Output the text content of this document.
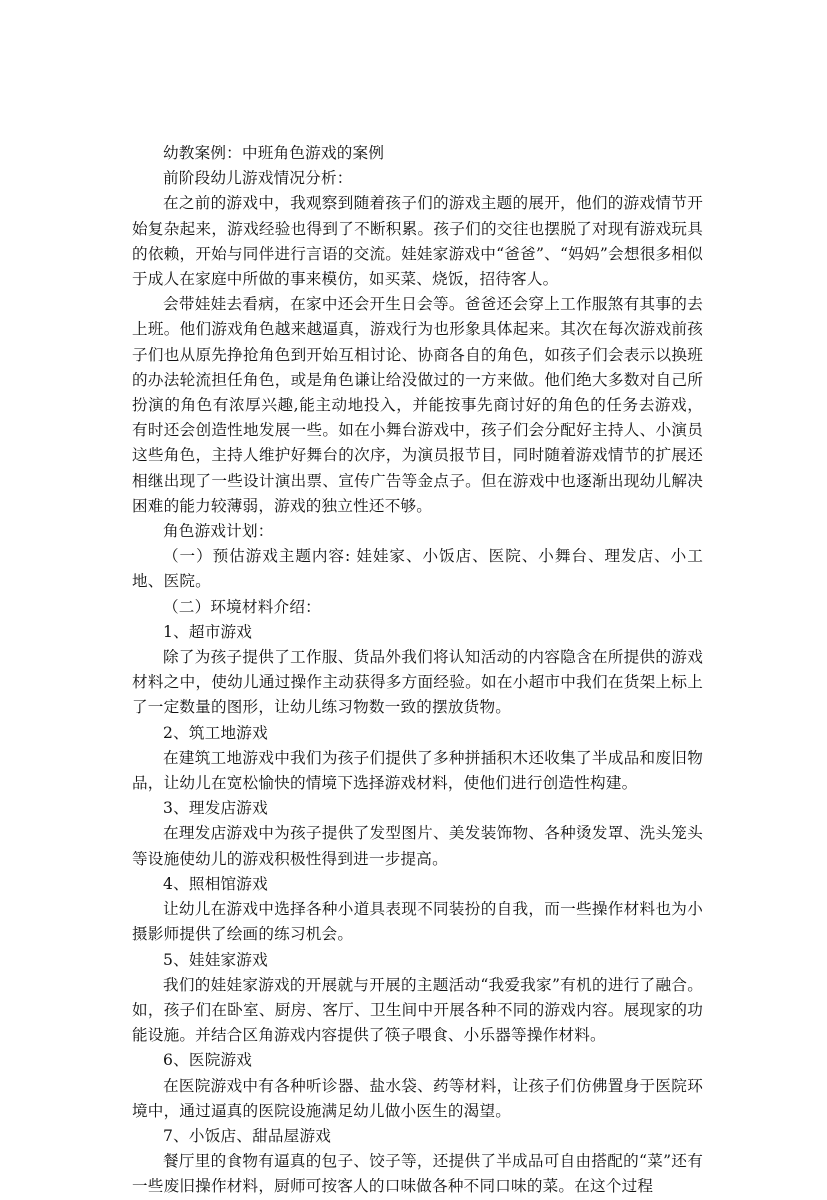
幼教案例：中班角色游戏的案例

前阶段幼儿游戏情况分析：

在之前的游戏中，我观察到随着孩子们的游戏主题的展开，他们的游戏情节开始复杂起来，游戏经验也得到了不断积累。孩子们的交往也摆脱了对现有游戏玩具的依赖，开始与同伴进行言语的交流。娃娃家游戏中“爸爸”、“妈妈”会想很多相似于成人在家庭中所做的事来模仿，如买菜、烧饭，招待客人。

会带娃娃去看病，在家中还会开生日会等。爸爸还会穿上工作服煞有其事的去上班。他们游戏角色越来越逼真，游戏行为也形象具体起来。其次在每次游戏前孩子们也从原先挣抢角色到开始互相讨论、协商各自的角色，如孩子们会表示以换班的办法轮流担任角色，或是角色谦让给没做过的一方来做。他们绝大多数对自己所扮演的角色有浓厚兴趣,能主动地投入，并能按事先商讨好的角色的任务去游戏，有时还会创造性地发展一些。如在小舞台游戏中，孩子们会分配好主持人、小演员这些角色，主持人维护好舞台的次序，为演员报节目，同时随着游戏情节的扩展还相继出现了一些设计演出票、宣传广告等金点子。但在游戏中也逐渐出现幼儿解决困难的能力较薄弱，游戏的独立性还不够。

角色游戏计划：

（一）预估游戏主题内容: 娃娃家、小饭店、医院、小舞台、理发店、小工地、医院。

（二）环境材料介绍：

1、超市游戏

除了为孩子提供了工作服、货品外我们将认知活动的内容隐含在所提供的游戏材料之中，使幼儿通过操作主动获得多方面经验。如在小超市中我们在货架上标上了一定数量的图形，让幼儿练习物数一致的摆放货物。

2、筑工地游戏

在建筑工地游戏中我们为孩子们提供了多种拼插积木还收集了半成品和废旧物品，让幼儿在宽松愉快的情境下选择游戏材料，使他们进行创造性构建。

3、理发店游戏

在理发店游戏中为孩子提供了发型图片、美发装饰物、各种烫发罩、洗头笼头等设施使幼儿的游戏积极性得到进一步提高。

4、照相馆游戏

让幼儿在游戏中选择各种小道具表现不同装扮的自我，而一些操作材料也为小摄影师提供了绘画的练习机会。

5、娃娃家游戏

我们的娃娃家游戏的开展就与开展的主题活动“我爱我家”有机的进行了融合。如，孩子们在卧室、厨房、客厅、卫生间中开展各种不同的游戏内容。展现家的功能设施。并结合区角游戏内容提供了筷子喂食、小乐器等操作材料。

6、医院游戏

在医院游戏中有各种听诊器、盐水袋、药等材料，让孩子们仿佛置身于医院环境中，通过逼真的医院设施满足幼儿做小医生的渴望。

7、小饭店、甜品屋游戏

餐厅里的食物有逼真的包子、饺子等，还提供了半成品可自由搭配的“菜”还有一些废旧操作材料，厨师可按客人的口味做各种不同口味的菜。在这个过程
